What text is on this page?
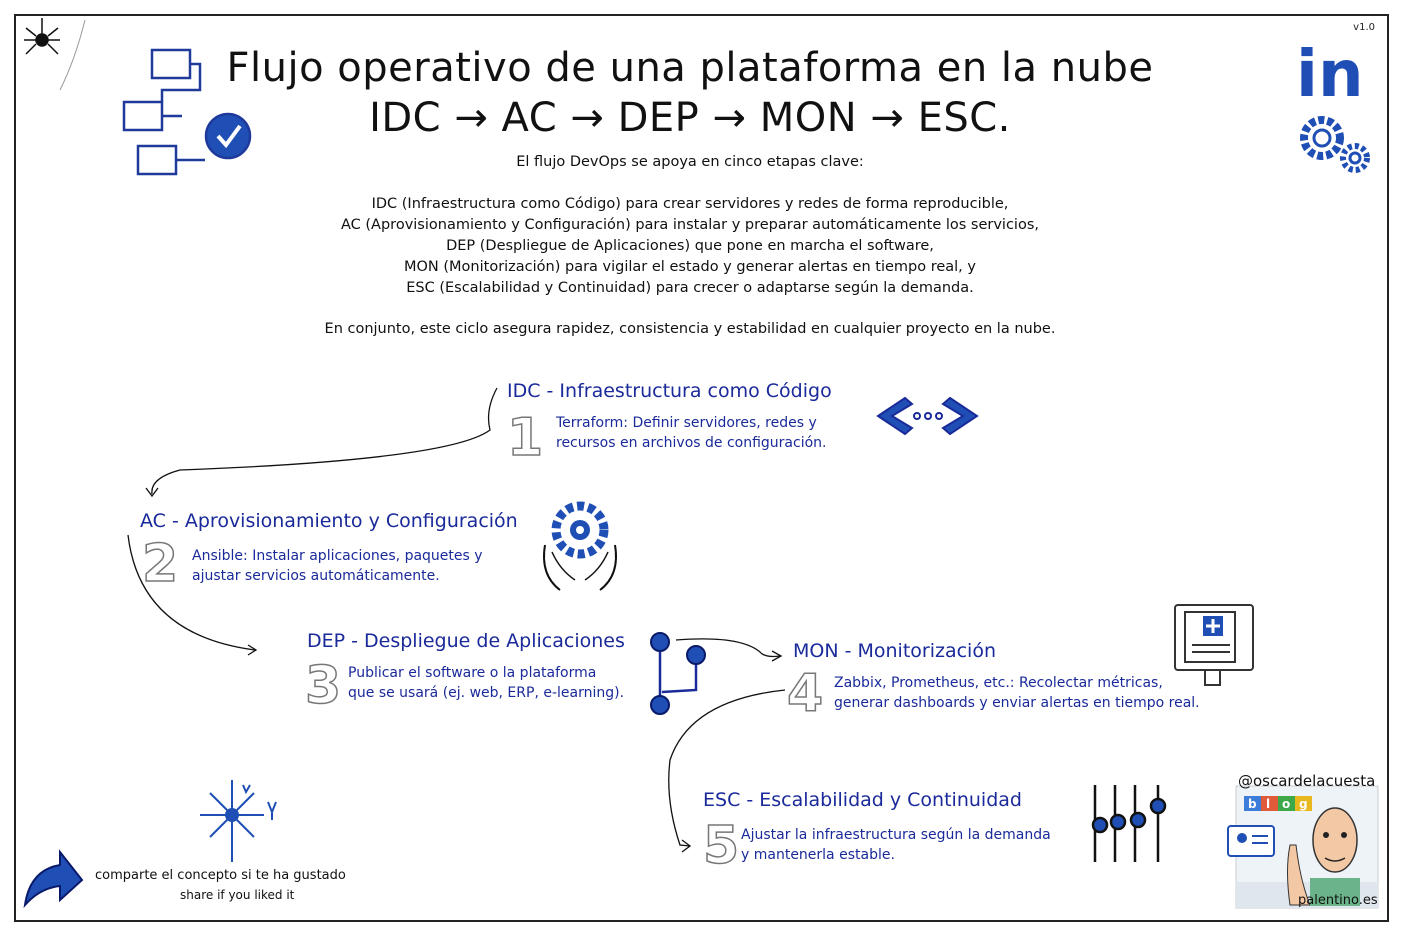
v1.0
in
b l o g
Flujo operativo de una plataforma en la nube
IDC → AC → DEP → MON → ESC.
El flujo DevOps se apoya en cinco etapas clave:
IDC (Infraestructura como Código) para crear servidores y redes de forma reproducible,
AC (Aprovisionamiento y Configuración) para instalar y preparar automáticamente los servicios,
DEP (Despliegue de Aplicaciones) que pone en marcha el software,
MON (Monitorización) para vigilar el estado y generar alertas en tiempo real, y
ESC (Escalabilidad y Continuidad) para crecer o adaptarse según la demanda.
En conjunto, este ciclo asegura rapidez, consistencia y estabilidad en cualquier proyecto en la nube.
IDC - Infraestructura como Código
1 Terraform: Definir servidores, redes y
recursos en archivos de configuración.
AC - Aprovisionamiento y Configuración
2 Ansible: Instalar aplicaciones, paquetes y
ajustar servicios automáticamente.
DEP - Despliegue de Aplicaciones
3 Publicar el software o la plataforma
que se usará (ej. web, ERP, e-learning).
MON - Monitorización
4 Zabbix, Prometheus, etc.: Recolectar métricas,
generar dashboards y enviar alertas en tiempo real.
ESC - Escalabilidad y Continuidad
5 Ajustar la infraestructura según la demanda
y mantenerla estable.
comparte el concepto si te ha gustado
share if you liked it
@oscardelacuesta
palentino.es
